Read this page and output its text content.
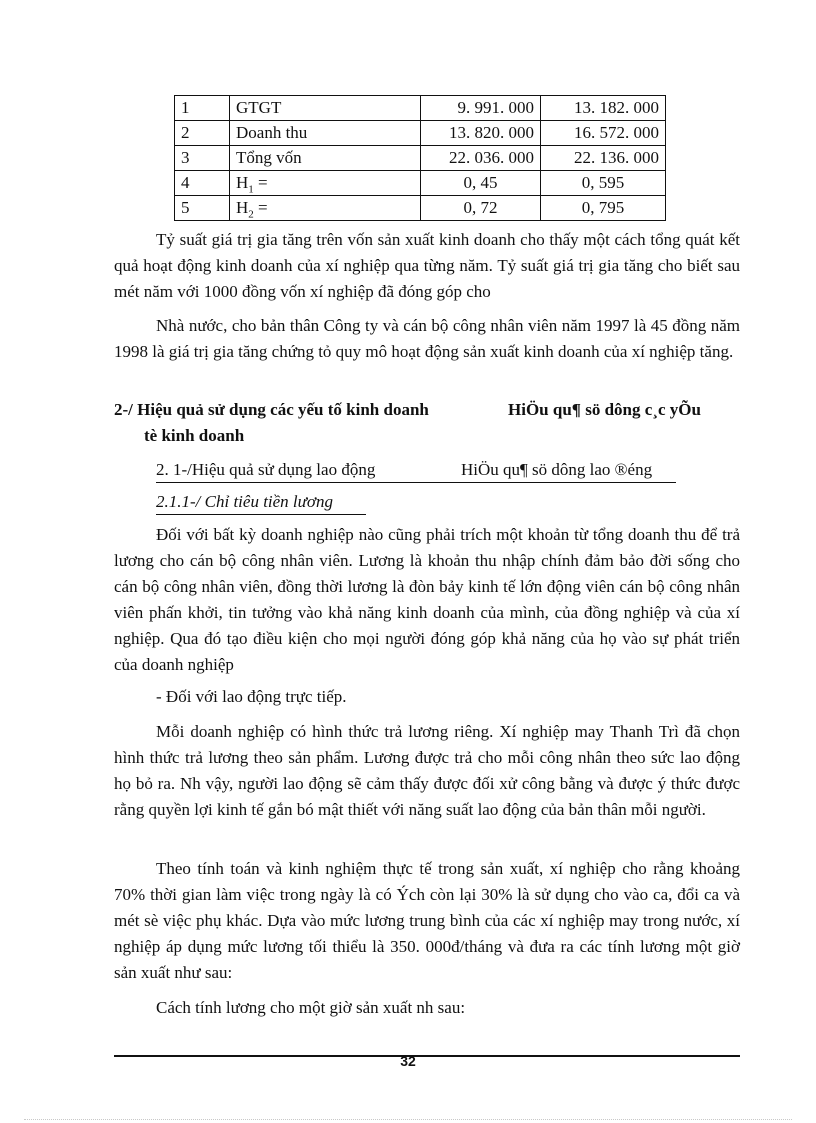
1	GTGT	9. 991. 000	13. 182. 000
2	Doanh thu	13. 820. 000	16. 572. 000
3	Tổng vốn	22. 036. 000	22. 136. 000
4	$H_1$ =	0, 45	0, 595
5	$H_2$ =	0, 72	0, 795

Tỷ suất giá trị gia tăng trên vốn sản xuất kinh doanh cho thấy một cách tổng quát kết quả hoạt động kinh doanh của xí nghiệp qua từng năm. Tỷ suất giá trị gia tăng cho biết sau mét năm với 1000 đồng vốn xí nghiệp đã đóng góp cho

Nhà nước, cho bản thân Công ty và cán bộ công nhân viên năm 1997 là 45 đồng năm 1998 là giá trị gia tăng chứng tỏ quy mô hoạt động sản xuất kinh doanh của xí nghiệp tăng.

2-/ Hiệu quả sử dụng các yếu tố kinh doanh	HiÖu qu¶ sö dông c¸c yÕu
tè kinh doanh

2. 1-/Hiệu quả sử dụng lao động	HiÖu qu¶ sö dông lao ®éng

2.1.1-/ Chỉ tiêu tiền lương

Đối với bất kỳ doanh nghiệp nào cũng phải trích một khoản từ tổng doanh thu để trả lương cho cán bộ công nhân viên. Lương là khoản thu nhập chính đảm bảo đời sống cho cán bộ công nhân viên, đồng thời lương là đòn bảy kinh tế lớn động viên cán bộ công nhân viên phấn khởi, tin tưởng vào khả năng kinh doanh của mình, của đồng nghiệp và của xí nghiệp. Qua đó tạo điều kiện cho mọi người đóng góp khả năng của họ vào sự phát triển của doanh nghiệp

- Đối với lao động trực tiếp.

Mỗi doanh nghiệp có hình thức trả lương riêng. Xí nghiệp may Thanh Trì đã chọn hình thức trả lương theo sản phẩm. Lương được trả cho mỗi công nhân theo sức lao động họ bỏ ra. Nh vậy, người lao động sẽ cảm thấy được đối xử công bằng và được ý thức được rằng quyền lợi kinh tế gắn bó mật thiết với năng suất lao động của bản thân mỗi người.

Theo tính toán và kinh nghiệm thực tế trong sản xuất, xí nghiệp cho rằng khoảng 70% thời gian làm việc trong ngày là có Ých còn lại 30% là sử dụng cho vào ca, đổi ca và mét sè việc phụ khác. Dựa vào mức lương trung bình của các xí nghiệp may trong nước, xí nghiệp áp dụng mức lương tối thiểu là 350. 000đ/tháng và đưa ra các tính lương một giờ sản xuất như sau:

Cách tính lương cho một giờ sản xuất nh sau:

32
